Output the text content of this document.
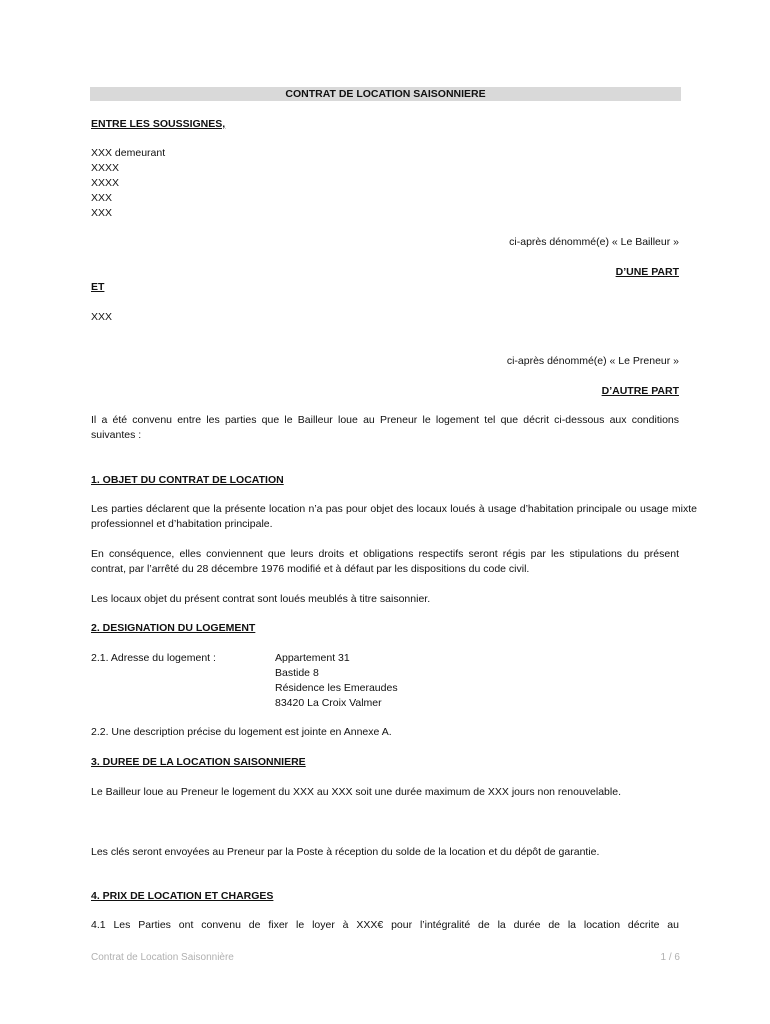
CONTRAT DE LOCATION SAISONNIERE
ENTRE LES SOUSSIGNES,
XXX demeurant
XXXX
XXXX
XXX
XXX
ci-après dénommé(e) « Le Bailleur »
D’UNE PART
ET
XXX
ci-après dénommé(e) « Le Preneur »
D’AUTRE PART
Il a été convenu entre les parties que le Bailleur loue au Preneur le logement tel que décrit ci-dessous aux conditions suivantes :
1. OBJET DU CONTRAT DE LOCATION
Les parties déclarent que la présente location n’a pas pour objet des locaux loués à usage d’habitation principale ou usage mixte professionnel et d’habitation principale.
En conséquence, elles conviennent que leurs droits et obligations respectifs seront régis par les stipulations du présent contrat, par l’arrêté du 28 décembre 1976 modifié et à défaut par les dispositions du code civil.
Les locaux objet du présent contrat sont loués meublés à titre saisonnier.
2. DESIGNATION DU LOGEMENT
2.1. Adresse du logement :	Appartement 31
Bastide 8
Résidence les Emeraudes
83420 La Croix Valmer
2.2. Une description précise du logement est jointe en Annexe A.
3. DUREE DE LA LOCATION SAISONNIERE
Le Bailleur loue au Preneur le logement du XXX au XXX soit une durée maximum de XXX jours non renouvelable.
Les clés seront envoyées au Preneur par la Poste à réception du solde de la location et du dépôt de garantie.
4. PRIX DE LOCATION ET CHARGES
4.1 Les Parties ont convenu de fixer le loyer à XXX€ pour l’intégralité de la durée de la location décrite au
Contrat de Location Saisonnière	1 / 6
